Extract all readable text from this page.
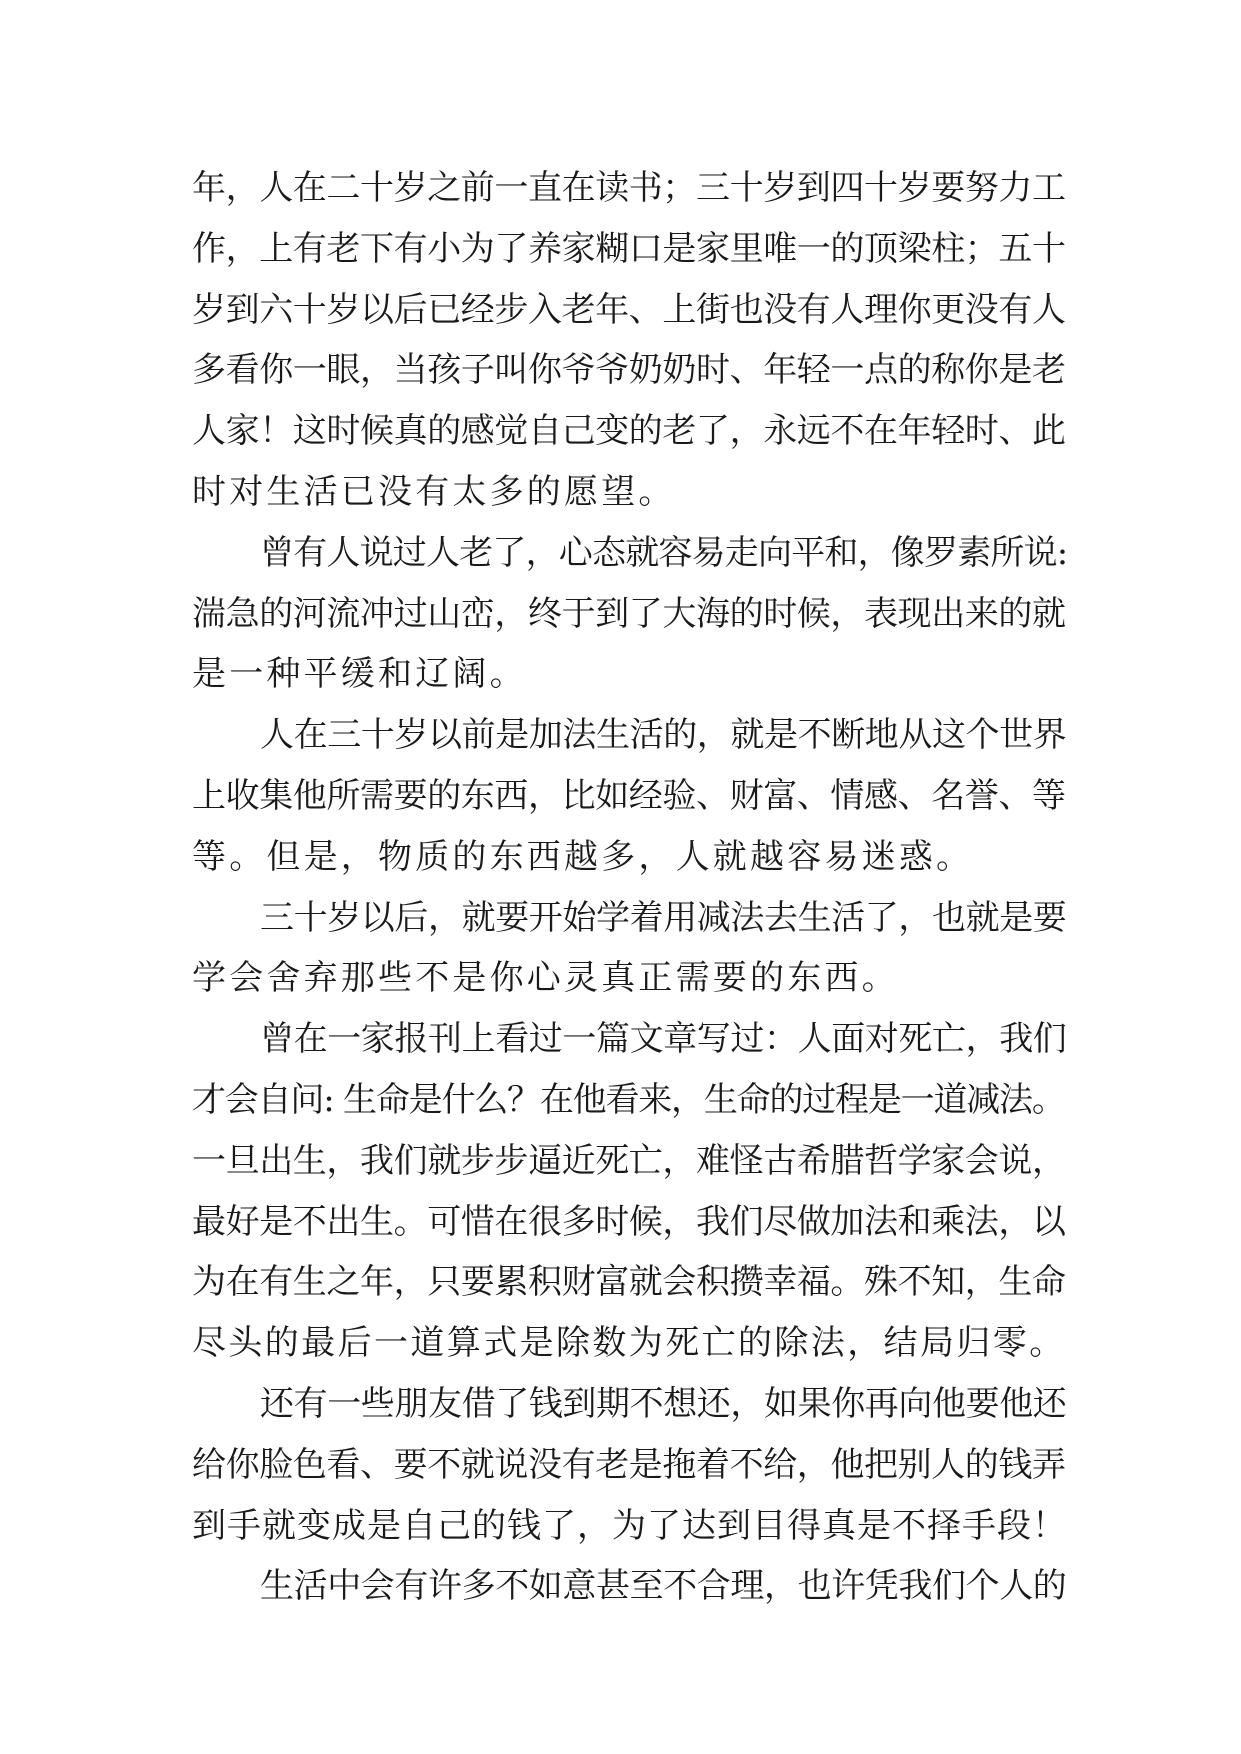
年，人在二十岁之前一直在读书；三十岁到四十岁要努力工
作，上有老下有小为了养家糊口是家里唯一的顶梁柱；五十
岁到六十岁以后已经步入老年、上街也没有人理你更没有人
多看你一眼，当孩子叫你爷爷奶奶时、年轻一点的称你是老
人家！这时候真的感觉自己变的老了，永远不在年轻时、此
时对生活已没有太多的愿望。
曾有人说过人老了，心态就容易走向平和，像罗素所说:
湍急的河流冲过山峦，终于到了大海的时候，表现出来的就
是一种平缓和辽阔。
人在三十岁以前是加法生活的，就是不断地从这个世界
上收集他所需要的东西，比如经验、财富、情感、名誉、等
等。但是，物质的东西越多，人就越容易迷惑。
三十岁以后，就要开始学着用减法去生活了，也就是要
学会舍弃那些不是你心灵真正需要的东西。
曾在一家报刊上看过一篇文章写过：人面对死亡，我们
才会自问: 生命是什么？在他看来，生命的过程是一道减法。
一旦出生，我们就步步逼近死亡，难怪古希腊哲学家会说，
最好是不出生。可惜在很多时候，我们尽做加法和乘法，以
为在有生之年，只要累积财富就会积攒幸福。殊不知，生命
尽头的最后一道算式是除数为死亡的除法，结局归零。
还有一些朋友借了钱到期不想还，如果你再向他要他还
给你脸色看、要不就说没有老是拖着不给，他把别人的钱弄
到手就变成是自己的钱了，为了达到目得真是不择手段！
生活中会有许多不如意甚至不合理，也许凭我们个人的
